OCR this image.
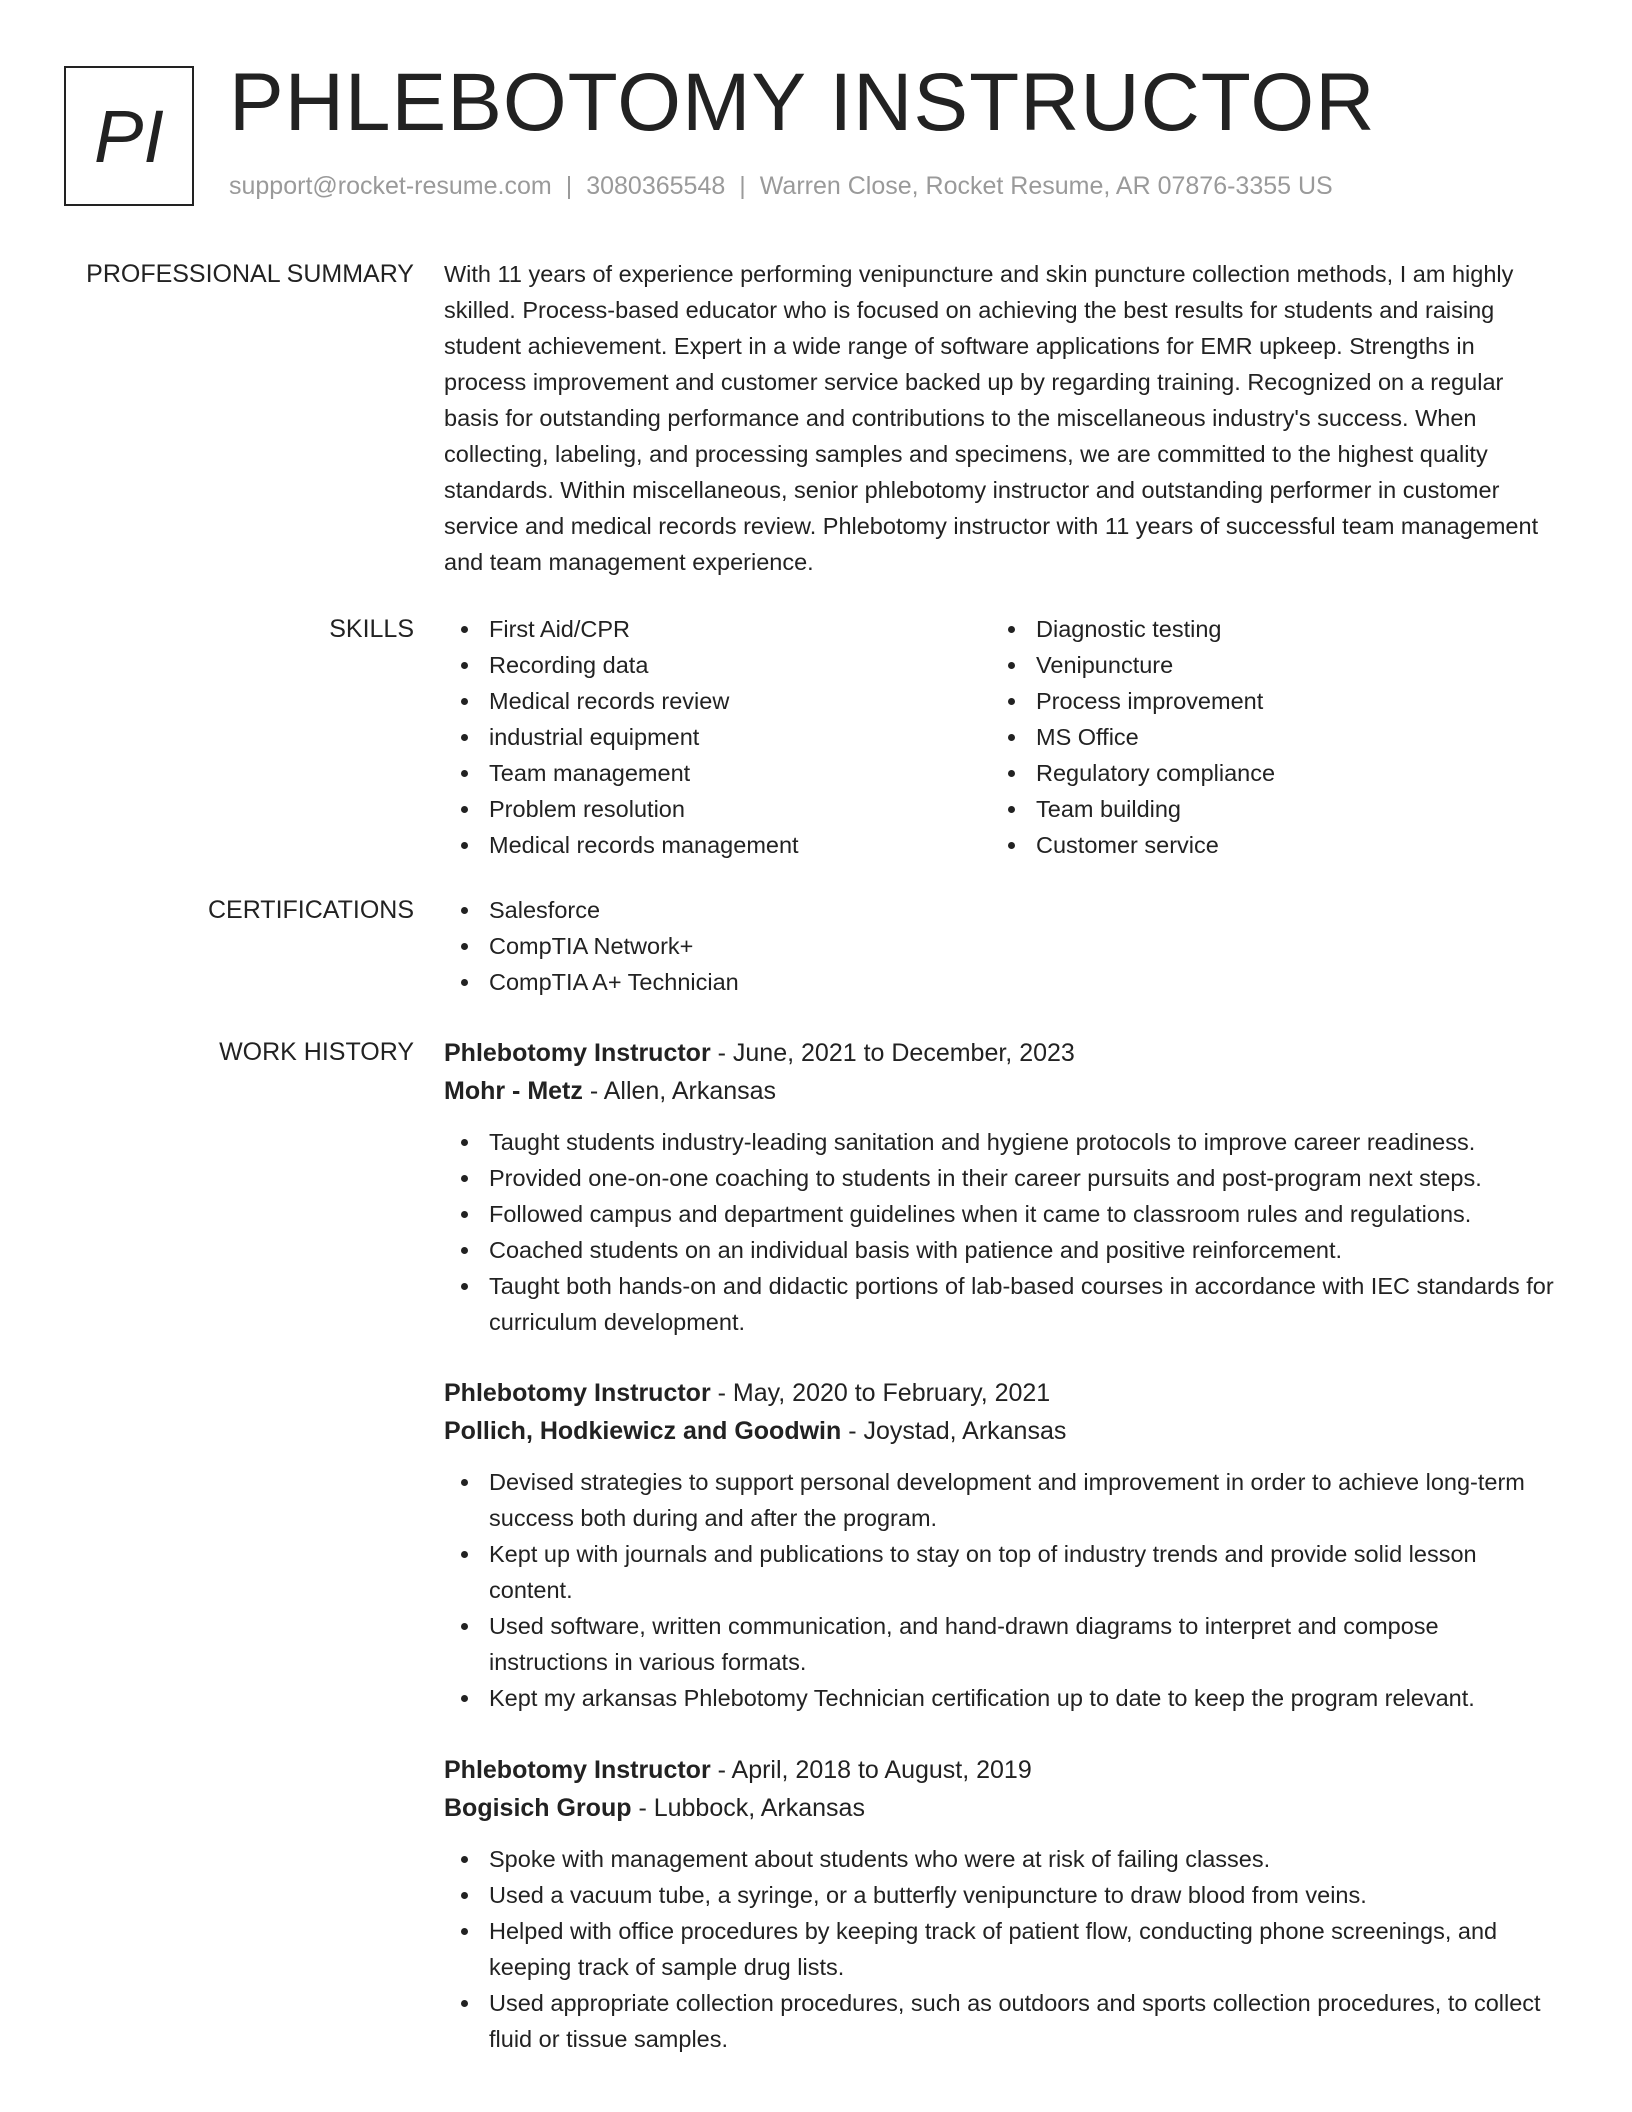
PI PHLEBOTOMY INSTRUCTOR
support@rocket-resume.com | 3080365548 | Warren Close, Rocket Resume, AR 07876-3355 US
PROFESSIONAL SUMMARY With 11 years of experience performing venipuncture and skin puncture collection methods, I am highly skilled. Process-based educator who is focused on achieving the best results for students and raising student achievement. Expert in a wide range of software applications for EMR upkeep. Strengths in process improvement and customer service backed up by regarding training. Recognized on a regular basis for outstanding performance and contributions to the miscellaneous industry's success. When collecting, labeling, and processing samples and specimens, we are committed to the highest quality standards. Within miscellaneous, senior phlebotomy instructor and outstanding performer in customer service and medical records review. Phlebotomy instructor with 11 years of successful team management and team management experience.

SKILLS	First Aid/CPR
Recording data
Medical records review
industrial equipment
Team management
Problem resolution
Medical records management
Diagnostic testing
Venipuncture
Process improvement
MS Office
Regulatory compliance
Team building
Customer service
CERTIFICATIONS	Salesforce
CompTIA Network+
CompTIA A+ Technician
WORK HISTORY Phlebotomy Instructor - June, 2021 to December, 2023
Mohr - Metz - Allen, Arkansas
Taught students industry-leading sanitation and hygiene protocols to improve career readiness.
Provided one-on-one coaching to students in their career pursuits and post-program next steps.
Followed campus and department guidelines when it came to classroom rules and regulations.
Coached students on an individual basis with patience and positive reinforcement.
Taught both hands-on and didactic portions of lab-based courses in accordance with IEC standards for curriculum development.
Phlebotomy Instructor - May, 2020 to February, 2021
Pollich, Hodkiewicz and Goodwin - Joystad, Arkansas
Devised strategies to support personal development and improvement in order to achieve long-term success both during and after the program.
Kept up with journals and publications to stay on top of industry trends and provide solid lesson content.
Used software, written communication, and hand-drawn diagrams to interpret and compose instructions in various formats.
Kept my arkansas Phlebotomy Technician certification up to date to keep the program relevant.
Phlebotomy Instructor - April, 2018 to August, 2019
Bogisich Group - Lubbock, Arkansas
Spoke with management about students who were at risk of failing classes.
Used a vacuum tube, a syringe, or a butterfly venipuncture to draw blood from veins.
Helped with office procedures by keeping track of patient flow, conducting phone screenings, and keeping track of sample drug lists.
Used appropriate collection procedures, such as outdoors and sports collection procedures, to collect fluid or tissue samples.
